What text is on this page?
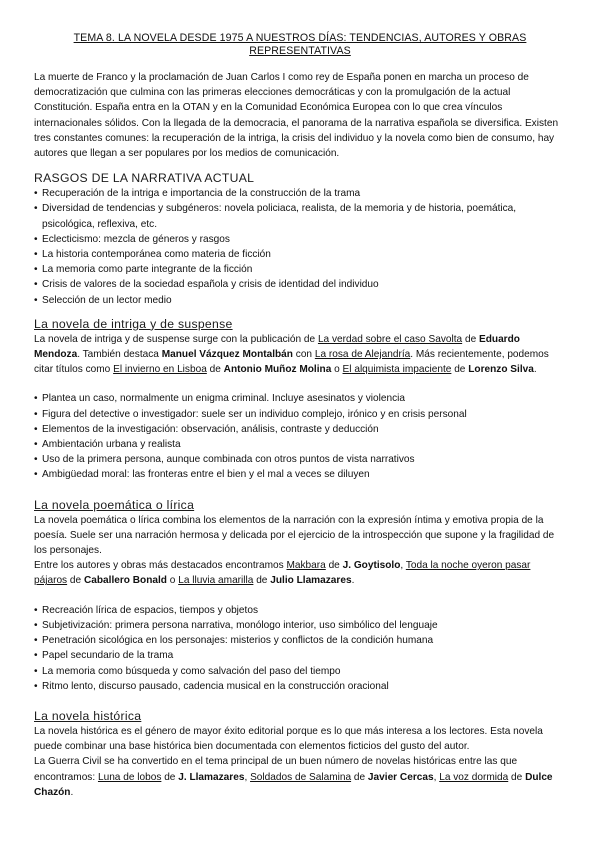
TEMA 8. LA NOVELA DESDE 1975 A NUESTROS DÍAS: TENDENCIAS, AUTORES Y OBRAS REPRESENTATIVAS

La muerte de Franco y la proclamación de Juan Carlos I como rey de España ponen en marcha un proceso de democratización que culmina con las primeras elecciones democráticas y con la promulgación de la actual Constitución. España entra en la OTAN y en la Comunidad Económica Europea con lo que crea vínculos internacionales sólidos. Con la llegada de la democracia, el panorama de la narrativa española se diversifica. Existen tres constantes comunes: la recuperación de la intriga, la crisis del individuo y la novela como bien de consumo, hay autores que llegan a ser populares por los medios de comunicación.

RASGOS DE LA NARRATIVA ACTUAL
• Recuperación de la intriga e importancia de la construcción de la trama
• Diversidad de tendencias y subgéneros: novela policiaca, realista, de la memoria y de historia, poemática, psicológica, reflexiva, etc.
• Eclecticismo: mezcla de géneros y rasgos
• La historia contemporánea como materia de ficción
• La memoria como parte integrante de la ficción
• Crisis de valores de la sociedad española y crisis de identidad del individuo
• Selección de un lector medio
La novela de intriga y de suspense

La novela de intriga y de suspense surge con la publicación de La verdad sobre el caso Savolta de Eduardo Mendoza. También destaca Manuel Vázquez Montalbán con La rosa de Alejandría. Más recientemente, podemos citar títulos como El invierno en Lisboa de Antonio Muñoz Molina o El alquimista impaciente de Lorenzo Silva.

• Plantea un caso, normalmente un enigma criminal. Incluye asesinatos y violencia
• Figura del detective o investigador: suele ser un individuo complejo, irónico y en crisis personal
• Elementos de la investigación: observación, análisis, contraste y deducción
• Ambientación urbana y realista
• Uso de la primera persona, aunque combinada con otros puntos de vista narrativos
• Ambigüedad moral: las fronteras entre el bien y el mal a veces se diluyen
La novela poemática o lírica

La novela poemática o lírica combina los elementos de la narración con la expresión íntima y emotiva propia de la poesía. Suele ser una narración hermosa y delicada por el ejercicio de la introspección que supone y la fragilidad de los personajes.

Entre los autores y obras más destacados encontramos Makbara de J. Goytisolo, Toda la noche oyeron pasar pájaros de Caballero Bonald o La lluvia amarilla de Julio Llamazares.

• Recreación lírica de espacios, tiempos y objetos
• Subjetivización: primera persona narrativa, monólogo interior, uso simbólico del lenguaje
• Penetración sicológica en los personajes: misterios y conflictos de la condición humana
• Papel secundario de la trama
• La memoria como búsqueda y como salvación del paso del tiempo
• Ritmo lento, discurso pausado, cadencia musical en la construcción oracional
La novela histórica

La novela histórica es el género de mayor éxito editorial porque es lo que más interesa a los lectores. Esta novela puede combinar una base histórica bien documentada con elementos ficticios del gusto del autor.

La Guerra Civil se ha convertido en el tema principal de un buen número de novelas históricas entre las que encontramos: Luna de lobos de J. Llamazares, Soldados de Salamina de Javier Cercas, La voz dormida de Dulce Chazón.
